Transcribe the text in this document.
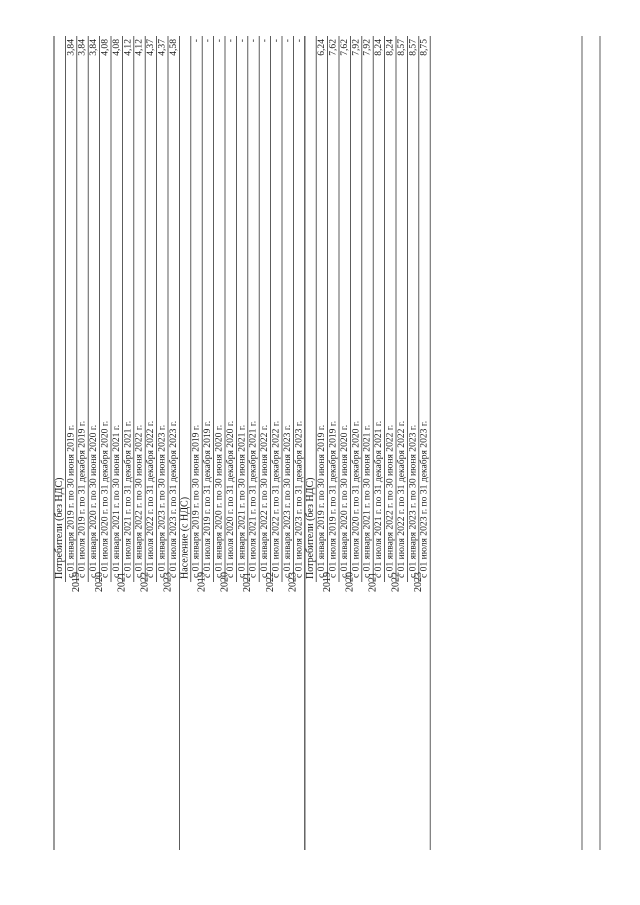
Потребители (без НДС) с 01 января 2019 г. по 30 июня 2019 г.
3,84
с 01 июля 2019 г. по 31 декабря 2019 г.
3,84
2019
с 01 января 2020 г. по 30 июня 2020 г.
3,84
с 01 июля 2020 г. по 31 декабря 2020 г.
4,08
2020
с 01 января 2021 г. по 30 июня 2021 г.
4,08
с 01 июля 2021 г. по 31 декабря 2021 г.
4,12
2021
с 01 января 2022 г. по 30 июня 2022 г.
4,12
с 01 июля 2022 г. по 31 декабря 2022 г.
4,37
2022
с 01 января 2023 г. по 30 июня 2023 г.
4,37
с 01 июля 2023 г. по 31 декабря 2023 г.
4,58
2023
Население (с НДС) с 01 января 2019 г. по 30 июня 2019 г.
-
с 01 июля 2019 г. по 31 декабря 2019 г.
-
2019
с 01 января 2020 г. по 30 июня 2020 г.
-
с 01 июля 2020 г. по 31 декабря 2020 г.
-
2020
с 01 января 2021 г. по 30 июня 2021 г.
-
с 01 июля 2021 г. по 31 декабря 2021 г.
-
2021
с 01 января 2022 г. по 30 июня 2022 г.
-
с 01 июля 2022 г. по 31 декабря 2022 г.
-
2022
с 01 января 2023 г. по 30 июня 2023 г.
-
с 01 июля 2023 г. по 31 декабря 2023 г.
-
2023
Потребители (без НДС) с 01 января 2019 г. по 30 июня 2019 г.
6,24
с 01 июля 2019 г. по 31 декабря 2019 г.
7,62
2019
с 01 января 2020 г. по 30 июня 2020 г.
7,62
с 01 июля 2020 г. по 31 декабря 2020 г.
7,92
2020
с 01 января 2021 г. по 30 июня 2021 г.
7,92
с 01 июля 2021 г. по 31 декабря 2021 г.
8,24
2021
с 01 января 2022 г. по 30 июня 2022 г.
8,24
с 01 июля 2022 г. по 31 декабря 2022 г.
8,57
2022
с 01 января 2023 г. по 30 июня 2023 г.
8,57
с 01 июля 2023 г. по 31 декабря 2023 г.
8,75
2023
